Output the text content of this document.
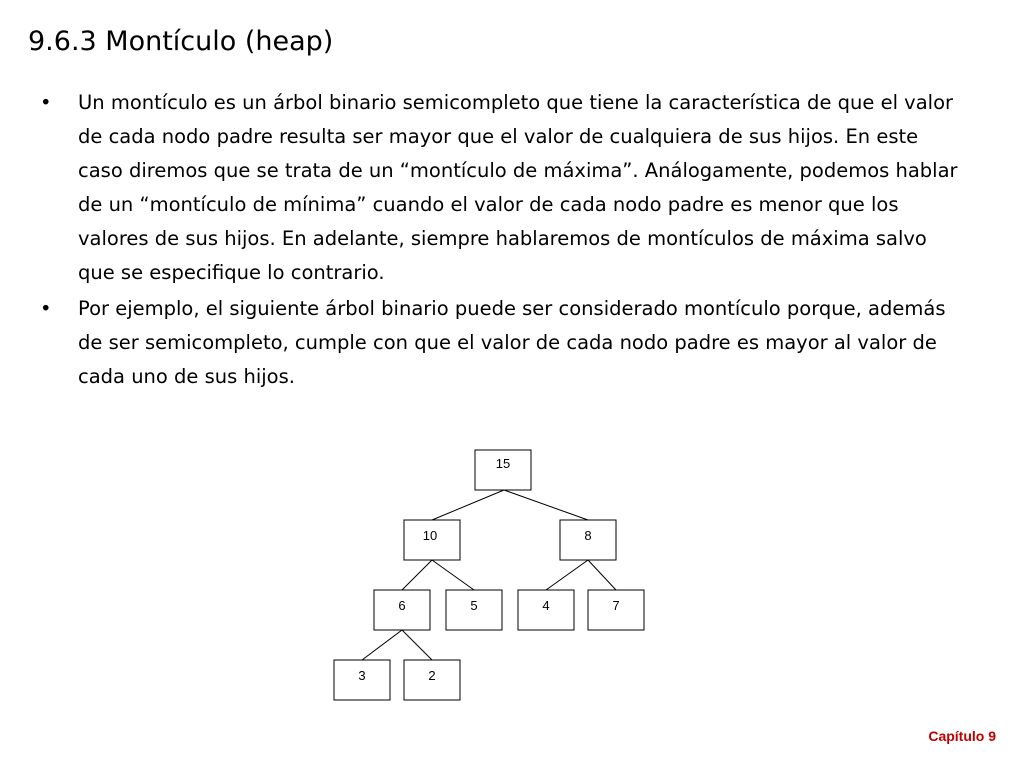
9.6.3 Montículo (heap)
•	Un montículo es un árbol binario semicompleto que tiene la característica de que el valor de cada nodo padre resulta ser mayor que el valor de cualquiera de sus hijos. En este caso diremos que se trata de un “montículo de máxima”. Análogamente, podemos hablar de un “montículo de mínima” cuando el valor de cada nodo padre es menor que los valores de sus hijos. En adelante, siempre hablaremos de montículos de máxima salvo que se especifique lo contrario.
•	Por ejemplo, el siguiente árbol binario puede ser considerado montículo porque, además de ser semicompleto, cumple con que el valor de cada nodo padre es mayor al valor de cada uno de sus hijos.
15
10	8
6	5	4	7
3	2
Capítulo 9
